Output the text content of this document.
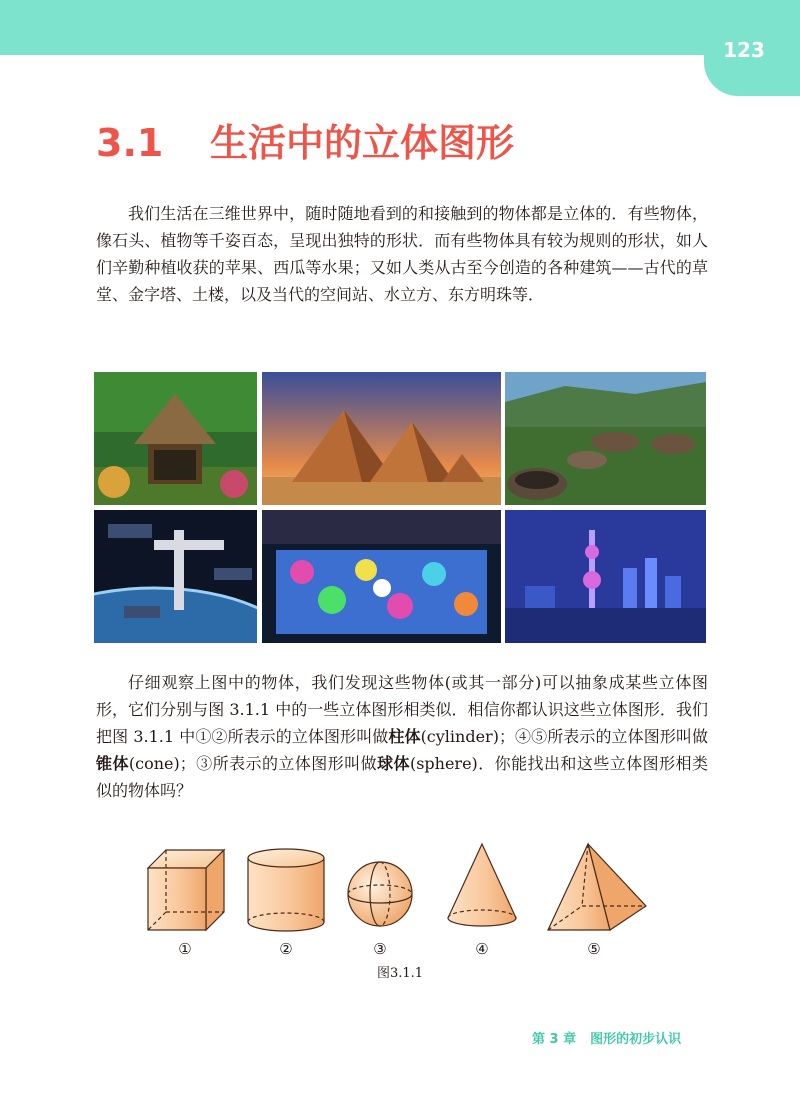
123
3.1 生活中的立体图形

我们生活在三维世界中，随时随地看到的和接触到的物体都是立体的．有些物体，像石头、植物等千姿百态，呈现出独特的形状．而有些物体具有较为规则的形状，如人们辛勤种植收获的苹果、西瓜等水果；又如人类从古至今创造的各种建筑——古代的草堂、金字塔、土楼，以及当代的空间站、水立方、东方明珠等．

仔细观察上图中的物体，我们发现这些物体(或其一部分)可以抽象成某些立体图形，它们分别与图 3.1.1 中的一些立体图形相类似．相信你都认识这些立体图形．我们把图 3.1.1 中①②所表示的立体图形叫做柱体(cylinder)；④⑤所表示的立体图形叫做锥体(cone)；③所表示的立体图形叫做球体(sphere)．你能找出和这些立体图形相类似的物体吗？

①	②	③	④	⑤
图3.1.1
第 3 章 图形的初步认识
